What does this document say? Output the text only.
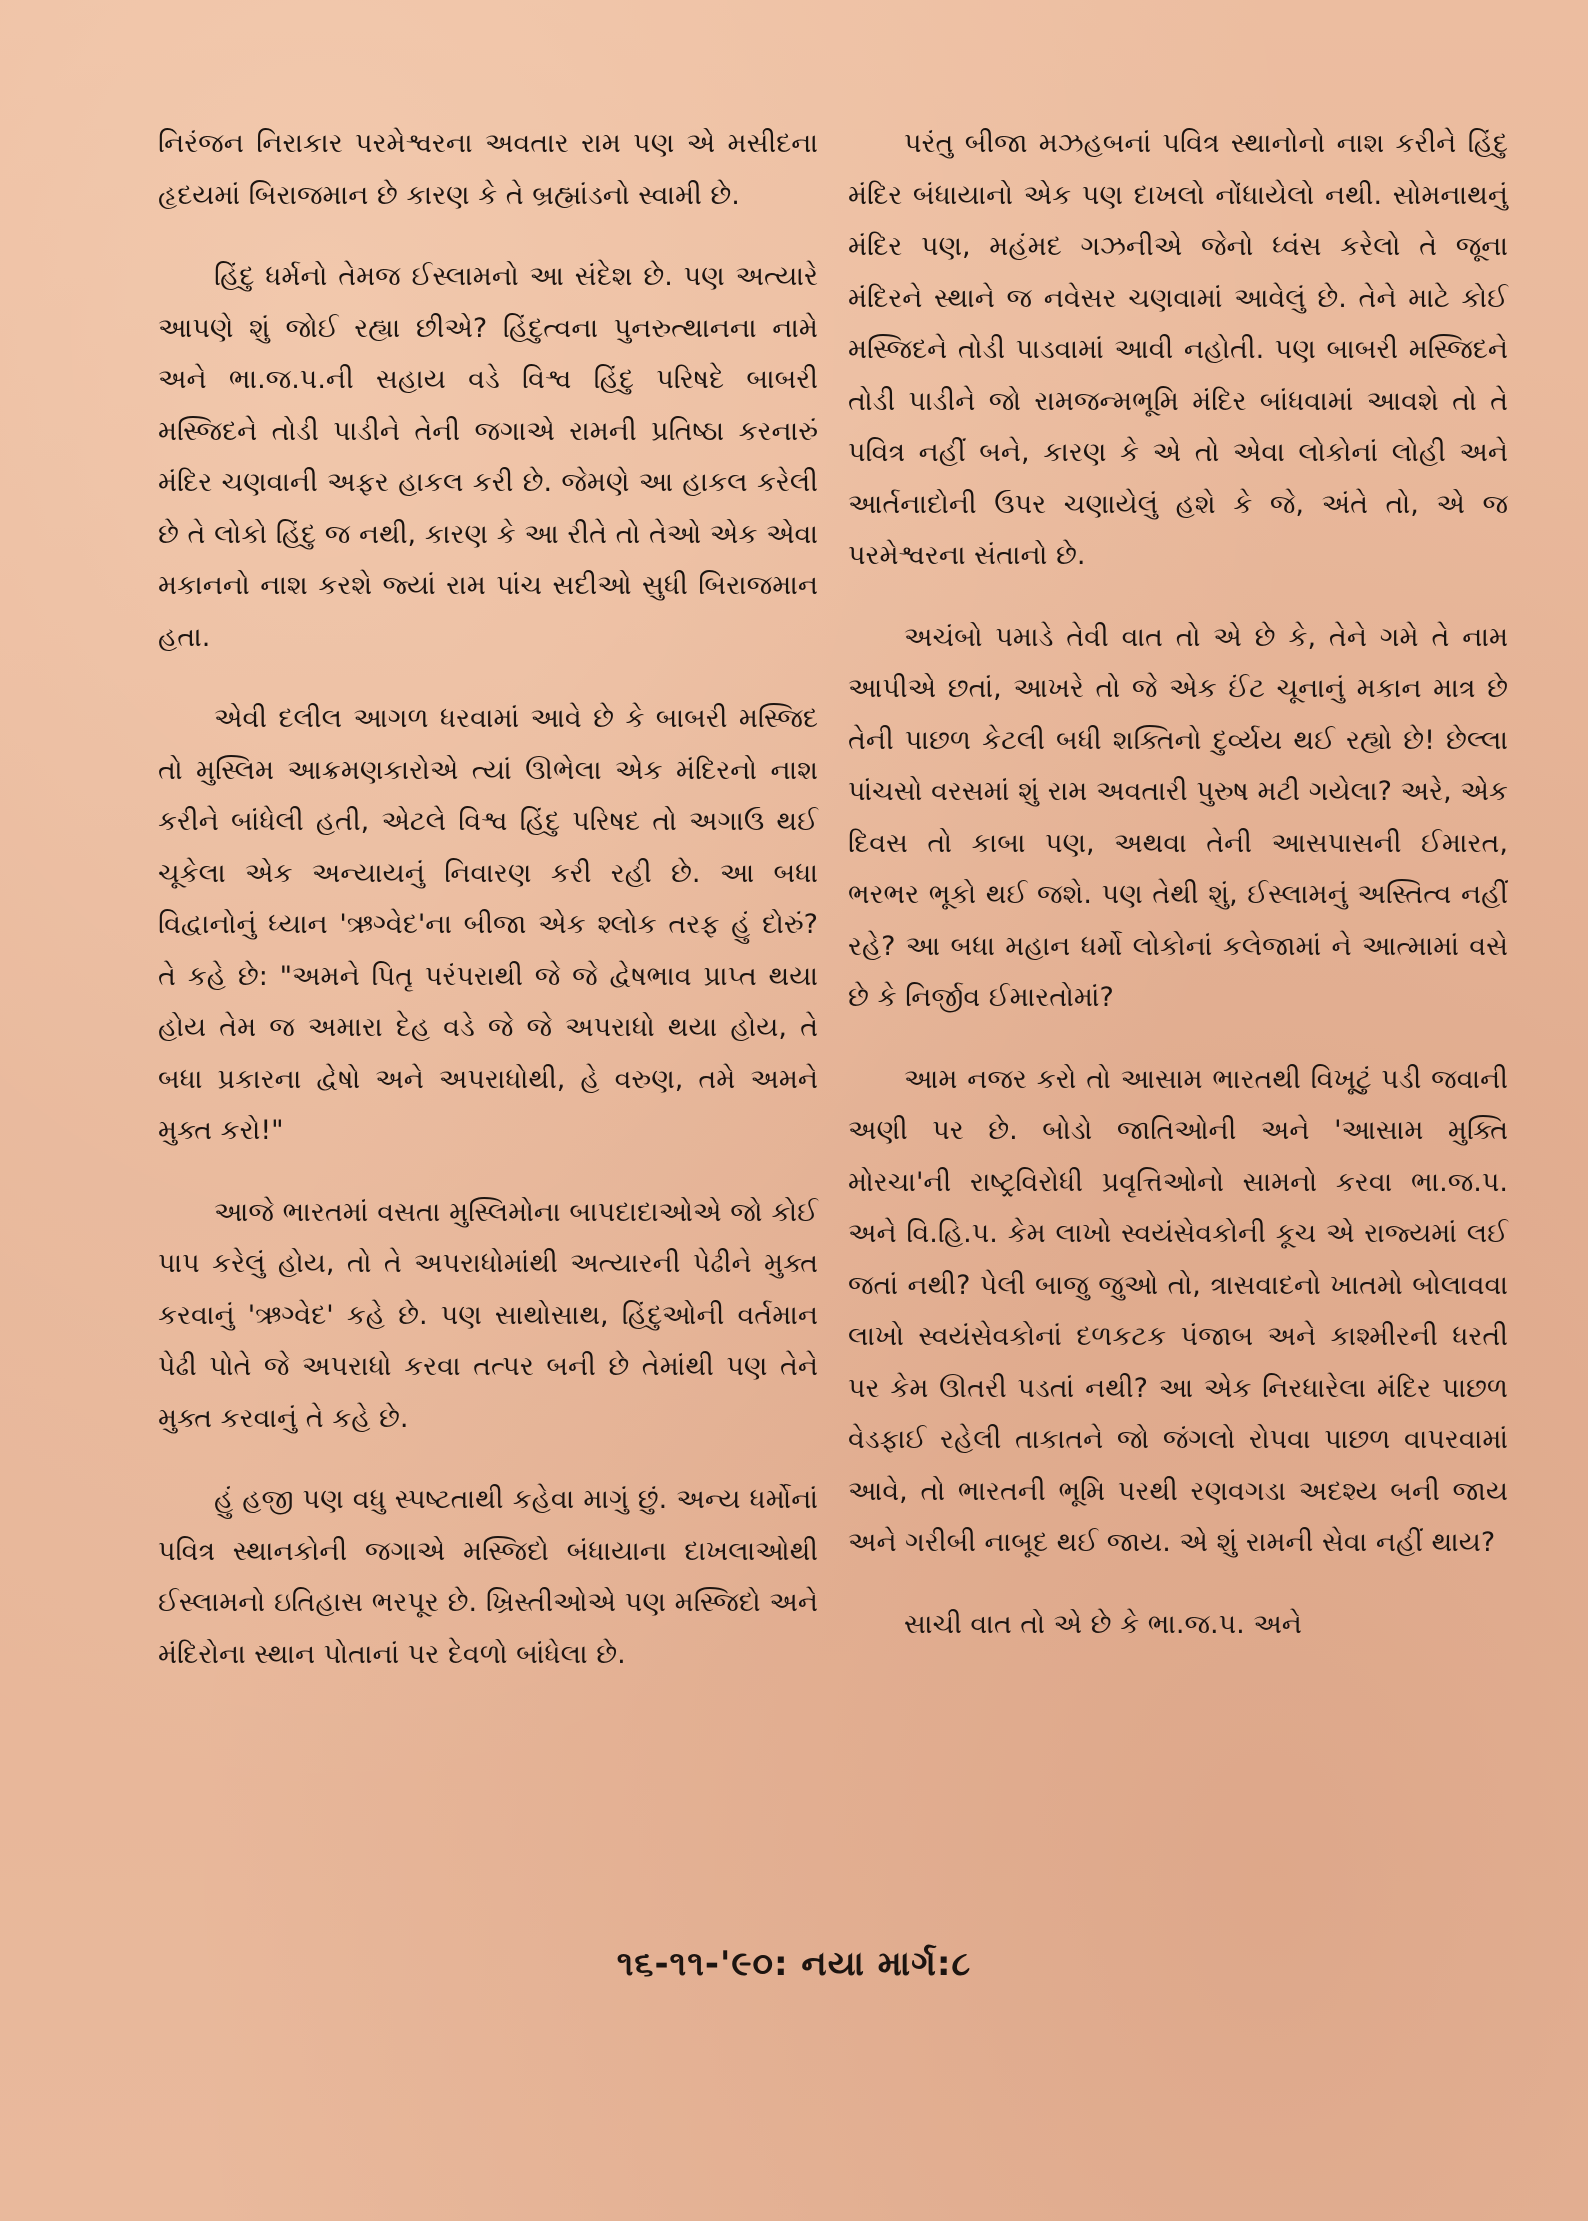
નિરંજન નિરાકાર પરમેશ્વરના અવતાર રામ પણ એ મસીદના હૃદયમાં બિરાજમાન છે કારણ કે તે બ્રહ્માંડનો સ્વામી છે.

હિંદુ ધર્મનો તેમજ ઈસ્લામનો આ સંદેશ છે. પણ અત્યારે આપણે શું જોઈ રહ્યા છીએ? હિંદુત્વના પુનરુત્થાનના નામે અને ભા.જ.પ.ની સહાય વડે વિશ્વ હિંદુ પરિષદે બાબરી મસ્જિદને તોડી પાડીને તેની જગાએ રામની પ્રતિષ્ઠા કરનારું મંદિર ચણવાની અફર હાકલ કરી છે. જેમણે આ હાકલ કરેલી છે તે લોકો હિંદુ જ નથી, કારણ કે આ રીતે તો તેઓ એક એવા મકાનનો નાશ કરશે જ્યાં રામ પાંચ સદીઓ સુધી બિરાજમાન હતા.

એવી દલીલ આગળ ધરવામાં આવે છે કે બાબરી મસ્જિદ તો મુસ્લિમ આક્રમણકારોએ ત્યાં ઊભેલા એક મંદિરનો નાશ કરીને બાંધેલી હતી, એટલે વિશ્વ હિંદુ પરિષદ તો અગાઉ થઈ ચૂકેલા એક અન્યાયનું નિવારણ કરી રહી છે. આ બધા વિદ્વાનોનું ધ્યાન 'ઋગ્વેદ'ના બીજા એક શ્લોક તરફ હું દોરું? તે કહે છે: "અમને પિતૃ પરંપરાથી જે જે દ્વેષભાવ પ્રાપ્ત થયા હોય તેમ જ અમારા દેહ વડે જે જે અપરાધો થયા હોય, તે બધા પ્રકારના દ્વેષો અને અપરાધોથી, હે વરુણ, તમે અમને મુક્ત કરો!"

આજે ભારતમાં વસતા મુસ્લિમોના બાપદાદાઓએ જો કોઈ પાપ કરેલું હોય, તો તે અપરાધોમાંથી અત્યારની પેઢીને મુક્ત કરવાનું 'ઋગ્વેદ' કહે છે. પણ સાથોસાથ, હિંદુઓની વર્તમાન પેઢી પોતે જે અપરાધો કરવા તત્પર બની છે તેમાંથી પણ તેને મુક્ત કરવાનું તે કહે છે.

હું હજી પણ વધુ સ્પષ્ટતાથી કહેવા માગું છું. અન્ય ધર્મોનાં પવિત્ર સ્થાનકોની જગાએ મસ્જિદો બંધાયાના દાખલાઓથી ઈસ્લામનો ઇતિહાસ ભરપૂર છે. ખ્રિસ્તીઓએ પણ મસ્જિદો અને મંદિરોના સ્થાન પોતાનાં પર દેવળો બાંધેલા છે.

પરંતુ બીજા મઝહબનાં પવિત્ર સ્થાનોનો નાશ કરીને હિંદુ મંદિર બંધાયાનો એક પણ દાખલો નોંધાયેલો નથી. સોમનાથનું મંદિર પણ, મહંમદ ગઝનીએ જેનો ધ્વંસ કરેલો તે જૂના મંદિરને સ્થાને જ નવેસર ચણવામાં આવેલું છે. તેને માટે કોઈ મસ્જિદને તોડી પાડવામાં આવી નહોતી. પણ બાબરી મસ્જિદને તોડી પાડીને જો રામજન્મભૂમિ મંદિર બાંધવામાં આવશે તો તે પવિત્ર નહીં બને, કારણ કે એ તો એવા લોકોનાં લોહી અને આર્તનાદોની ઉપર ચણાયેલું હશે કે જે, અંતે તો, એ જ પરમેશ્વરના સંતાનો છે.

અચંબો પમાડે તેવી વાત તો એ છે કે, તેને ગમે તે નામ આપીએ છતાં, આખરે તો જે એક ઈંટ ચૂનાનું મકાન માત્ર છે તેની પાછળ કેટલી બધી શક્તિનો દુર્વ્યય થઈ રહ્યો છે! છેલ્લા પાંચસો વરસમાં શું રામ અવતારી પુરુષ મટી ગયેલા? અરે, એક દિવસ તો કાબા પણ, અથવા તેની આસપાસની ઈમારત, ભરભર ભૂકો થઈ જશે. પણ તેથી શું, ઈસ્લામનું અસ્તિત્વ નહીં રહે? આ બધા મહાન ધર્મો લોકોનાં કલેજામાં ને આત્મામાં વસે છે કે નિર્જીવ ઈમારતોમાં?

આમ નજર કરો તો આસામ ભારતથી વિખૂટું પડી જવાની અણી પર છે. બોડો જાતિઓની અને 'આસામ મુક્તિ મોરચા'ની રાષ્ટ્રવિરોધી પ્રવૃત્તિઓનો સામનો કરવા ભા.જ.પ. અને વિ.હિ.પ. કેમ લાખો સ્વયંસેવકોની કૂચ એ રાજ્યમાં લઈ જતાં નથી? પેલી બાજુ જુઓ તો, ત્રાસવાદનો ખાતમો બોલાવવા લાખો સ્વયંસેવકોનાં દળકટક પંજાબ અને કાશ્મીરની ધરતી પર કેમ ઊતરી પડતાં નથી? આ એક નિરધારેલા મંદિર પાછળ વેડફાઈ રહેલી તાકાતને જો જંગલો રોપવા પાછળ વાપરવામાં આવે, તો ભારતની ભૂમિ પરથી રણવગડા અદશ્ય બની જાય અને ગરીબી નાબૂદ થઈ જાય. એ શું રામની સેવા નહીં થાય?

સાચી વાત તો એ છે કે ભા.જ.પ. અને

૧૬-૧૧-'૯૦: નયા માર્ગ:૮
